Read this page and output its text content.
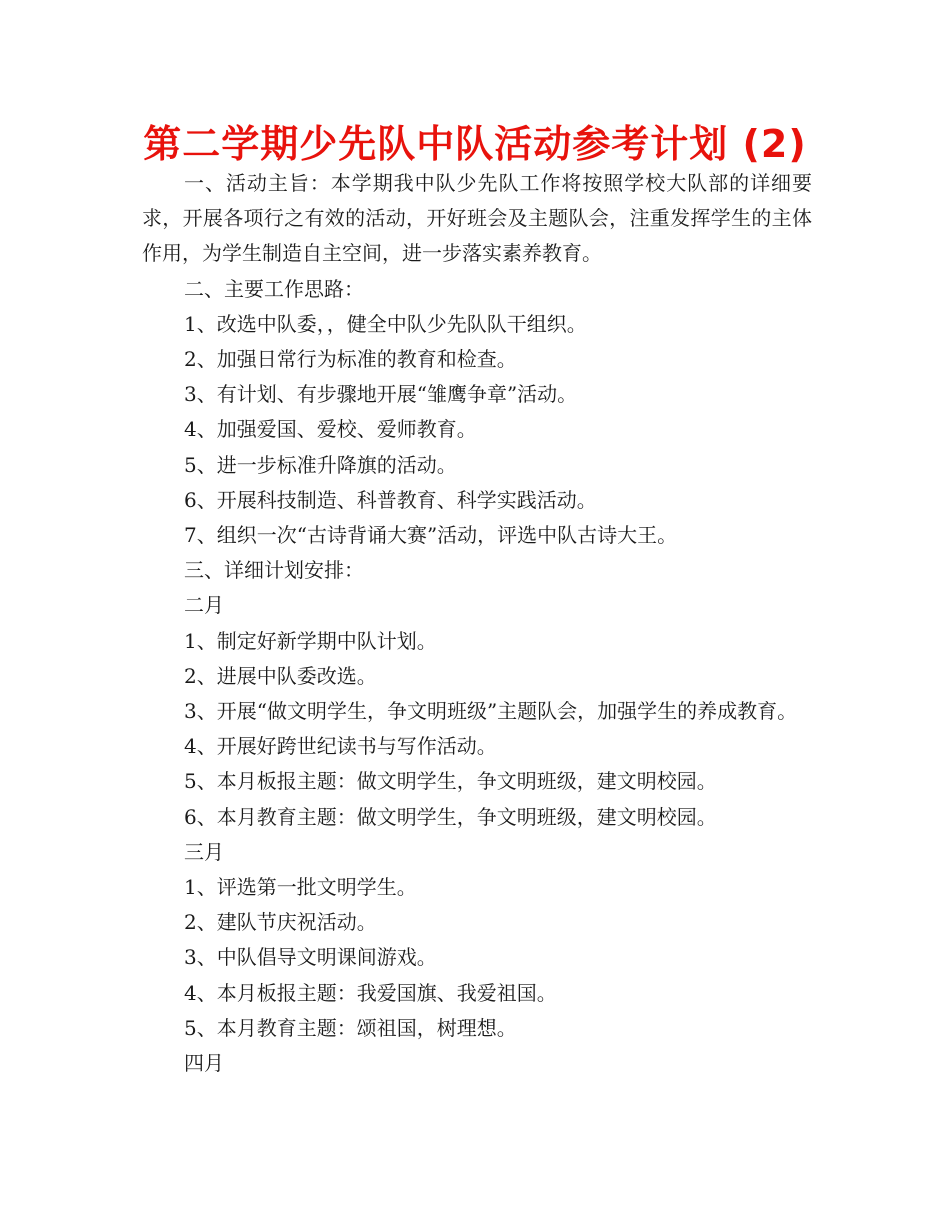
第二学期少先队中队活动参考计划 (2)

一、活动主旨：本学期我中队少先队工作将按照学校大队部的详细要求，开展各项行之有效的活动，开好班会及主题队会，注重发挥学生的主体作用，为学生制造自主空间，进一步落实素养教育。

二、主要工作思路：

1、改选中队委，，健全中队少先队队干组织。

2、加强日常行为标准的教育和检查。

3、有计划、有步骤地开展“雏鹰争章”活动。

4、加强爱国、爱校、爱师教育。

5、进一步标准升降旗的活动。

6、开展科技制造、科普教育、科学实践活动。

7、组织一次“古诗背诵大赛”活动，评选中队古诗大王。

三、详细计划安排：

二月

1、制定好新学期中队计划。

2、进展中队委改选。

3、开展“做文明学生，争文明班级”主题队会，加强学生的养成教育。

4、开展好跨世纪读书与写作活动。

5、本月板报主题：做文明学生，争文明班级，建文明校园。

6、本月教育主题：做文明学生，争文明班级，建文明校园。

三月

1、评选第一批文明学生。

2、建队节庆祝活动。

3、中队倡导文明课间游戏。

4、本月板报主题：我爱国旗、我爱祖国。

5、本月教育主题：颂祖国，树理想。

四月
